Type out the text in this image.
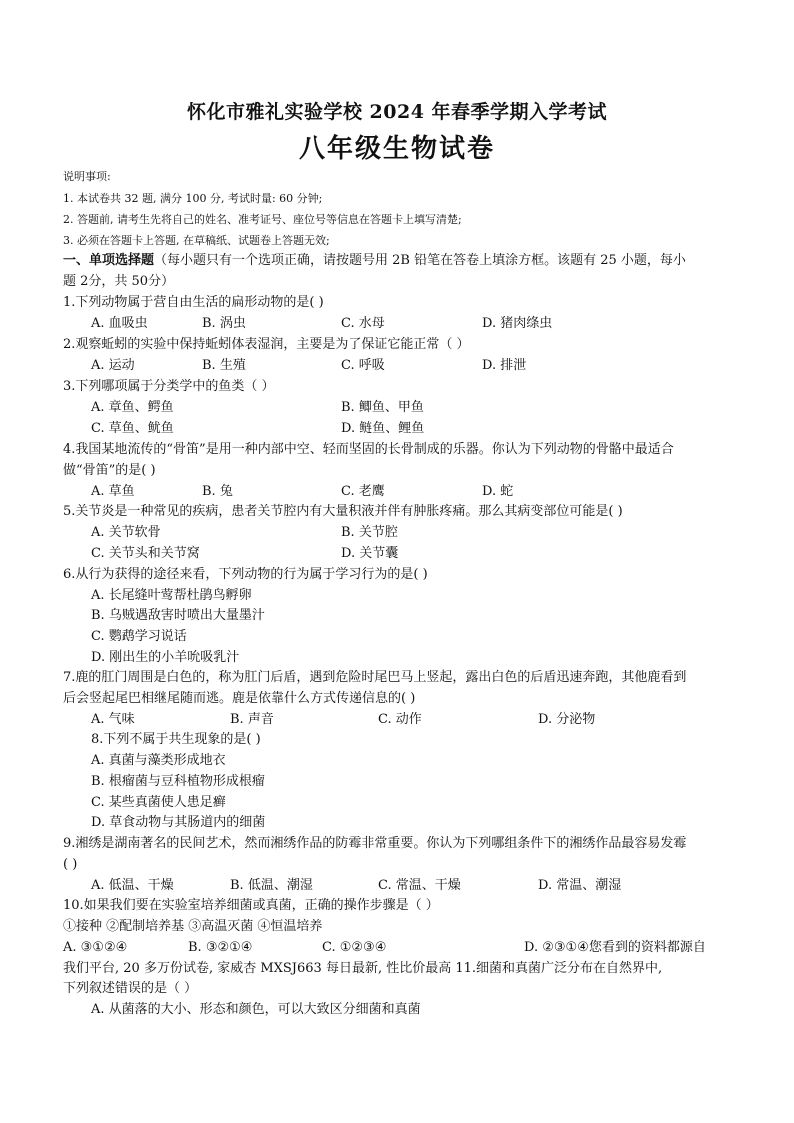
怀化市雅礼实验学校 2024 年春季学期入学考试
八年级生物试卷
说明事项:
1. 本试卷共 32 题, 满分 100 分, 考试时量: 60 分钟;
2. 答题前, 请考生先将自己的姓名、准考证号、座位号等信息在答题卡上填写清楚;
3. 必须在答题卡上答题, 在草稿纸、试题卷上答题无效;
一、单项选择题（每小题只有一个选项正确，请按题号用 2B 铅笔在答卷上填涂方框。该题有 25 小题，每小
题 2分，共 50分）
1.下列动物属于营自由生活的扁形动物的是( )
A. 血吸虫	B. 涡虫	C. 水母	D. 猪肉绦虫
2.观察蚯蚓的实验中保持蚯蚓体表湿润，主要是为了保证它能正常（ ）
A. 运动	B. 生殖	C. 呼吸	D. 排泄
3.下列哪项属于分类学中的鱼类（ ）
A. 章鱼、鳄鱼	B. 鲫鱼、甲鱼
C. 草鱼、鱿鱼	D. 鲢鱼、鲤鱼
4.我国某地流传的“骨笛”是用一种内部中空、轻而坚固的长骨制成的乐器。你认为下列动物的骨骼中最适合
做“骨笛”的是( )
A. 草鱼	B. 兔	C. 老鹰	D. 蛇
5.关节炎是一种常见的疾病，患者关节腔内有大量积液并伴有肿胀疼痛。那么其病变部位可能是( )
A. 关节软骨	B. 关节腔
C. 关节头和关节窝	D. 关节囊
6.从行为获得的途径来看，下列动物的行为属于学习行为的是( )
A. 长尾缝叶莺帮杜鹃鸟孵卵
B. 乌贼遇敌害时喷出大量墨汁
C. 鹦鹉学习说话
D. 刚出生的小羊吮吸乳汁
7.鹿的肛门周围是白色的，称为肛门后盾，遇到危险时尾巴马上竖起，露出白色的后盾迅速奔跑，其他鹿看到
后会竖起尾巴相继尾随而逃。鹿是依靠什么方式传递信息的( )
A. 气味	B. 声音	C. 动作	D. 分泌物
8.下列不属于共生现象的是( )
A. 真菌与藻类形成地衣
B. 根瘤菌与豆科植物形成根瘤
C. 某些真菌使人患足癣
D. 草食动物与其肠道内的细菌
9.湘绣是湖南著名的民间艺术，然而湘绣作品的防霉非常重要。你认为下列哪组条件下的湘绣作品最容易发霉
( )
A. 低温、干燥	B. 低温、潮湿	C. 常温、干燥	D. 常温、潮湿
10.如果我们要在实验室培养细菌或真菌，正确的操作步骤是（ ）
①接种 ②配制培养基 ③高温灭菌 ④恒温培养
A. ③①②④	B. ③②①④	C. ①②③④	D. ②③①④您看到的资料都源自
我们平台, 20 多万份试卷, 家威杏 MXSJ663 每日最新, 性比价最高 11.细菌和真菌广泛分布在自然界中,
下列叙述错误的是（ ）
A. 从菌落的大小、形态和颜色，可以大致区分细菌和真菌
